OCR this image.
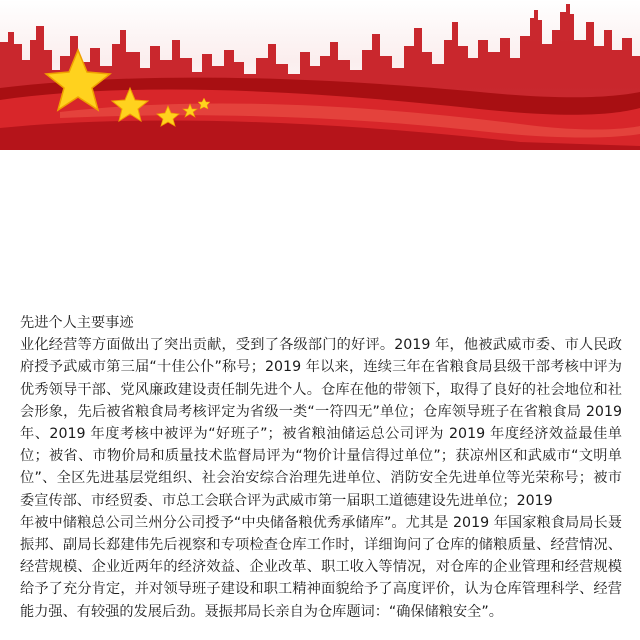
先进个人主要事迹

业化经营等方面做出了突出贡献，受到了各级部门的好评。2019 年，他被武威市委、市人民政府授予武威市第三届“十佳公仆”称号；2019 年以来，连续三年在省粮食局县级干部考核中评为优秀领导干部、党风廉政建设责任制先进个人。仓库在他的带领下，取得了良好的社会地位和社会形象，先后被省粮食局考核评定为省级一类“一符四无”单位；仓库领导班子在省粮食局 2019 年、2019 年度考核中被评为“好班子”；被省粮油储运总公司评为 2019 年度经济效益最佳单位；被省、市物价局和质量技术监督局评为“物价计量信得过单位”；获凉州区和武威市“文明单位”、全区先进基层党组织、社会治安综合治理先进单位、消防安全先进单位等光荣称号；被市委宣传部、市经贸委、市总工会联合评为武威市第一届职工道德建设先进单位；2019

年被中储粮总公司兰州分公司授予“中央储备粮优秀承储库”。尤其是 2019 年国家粮食局局长聂振邦、副局长郄建伟先后视察和专项检查仓库工作时，详细询问了仓库的储粮质量、经营情况、经营规模、企业近两年的经济效益、企业改革、职工收入等情况，对仓库的企业管理和经营规模给予了充分肯定，并对领导班子建设和职工精神面貌给予了高度评价，认为仓库管理科学、经营能力强、有较强的发展后劲。聂振邦局长亲自为仓库题词：“确保储粮安全”。
